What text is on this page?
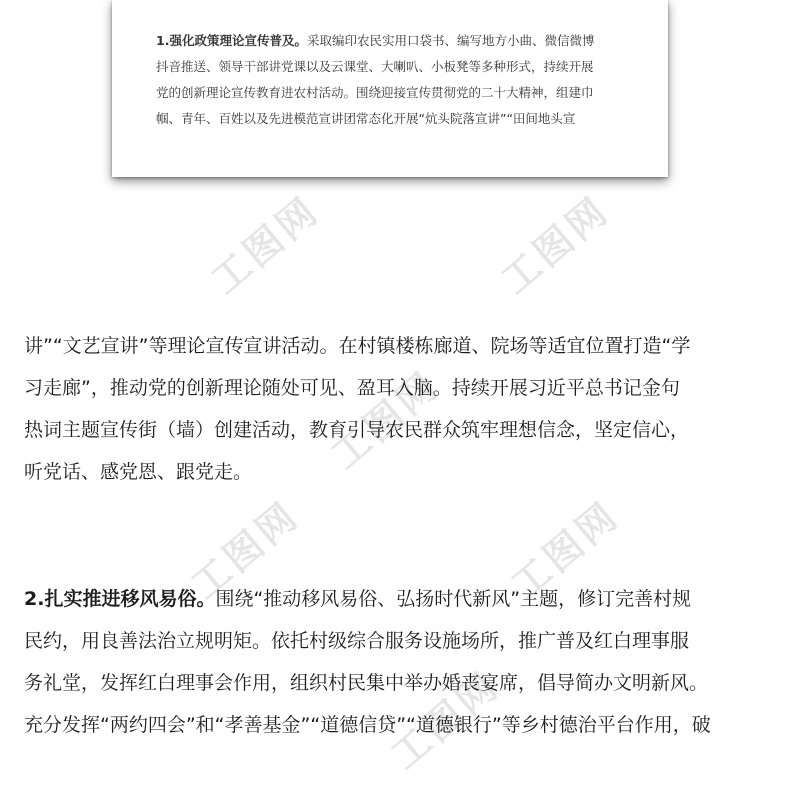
1.强化政策理论宣传普及。采取编印农民实用口袋书、编写地方小曲、微信微博
抖音推送、领导干部讲党课以及云课堂、大喇叭、小板凳等多种形式，持续开展
党的创新理论宣传教育进农村活动。围绕迎接宣传贯彻党的二十大精神，组建巾
帼、青年、百姓以及先进模范宣讲团常态化开展“炕头院落宣讲”“田间地头宣
工图网	工图网
工图网
工图网
工图网
工图网
讲”“文艺宣讲”等理论宣传宣讲活动。在村镇楼栋廊道、院场等适宜位置打造“学
习走廊”，推动党的创新理论随处可见、盈耳入脑。持续开展习近平总书记金句
热词主题宣传街（墙）创建活动，教育引导农民群众筑牢理想信念，坚定信心，
听党话、感党恩、跟党走。
2.扎实推进移风易俗。围绕“推动移风易俗、弘扬时代新风”主题，修订完善村规
民约，用良善法治立规明矩。依托村级综合服务设施场所，推广普及红白理事服
务礼堂，发挥红白理事会作用，组织村民集中举办婚丧宴席，倡导简办文明新风。
充分发挥“两约四会”和“孝善基金”“道德信贷”“道德银行”等乡村德治平台作用，破
